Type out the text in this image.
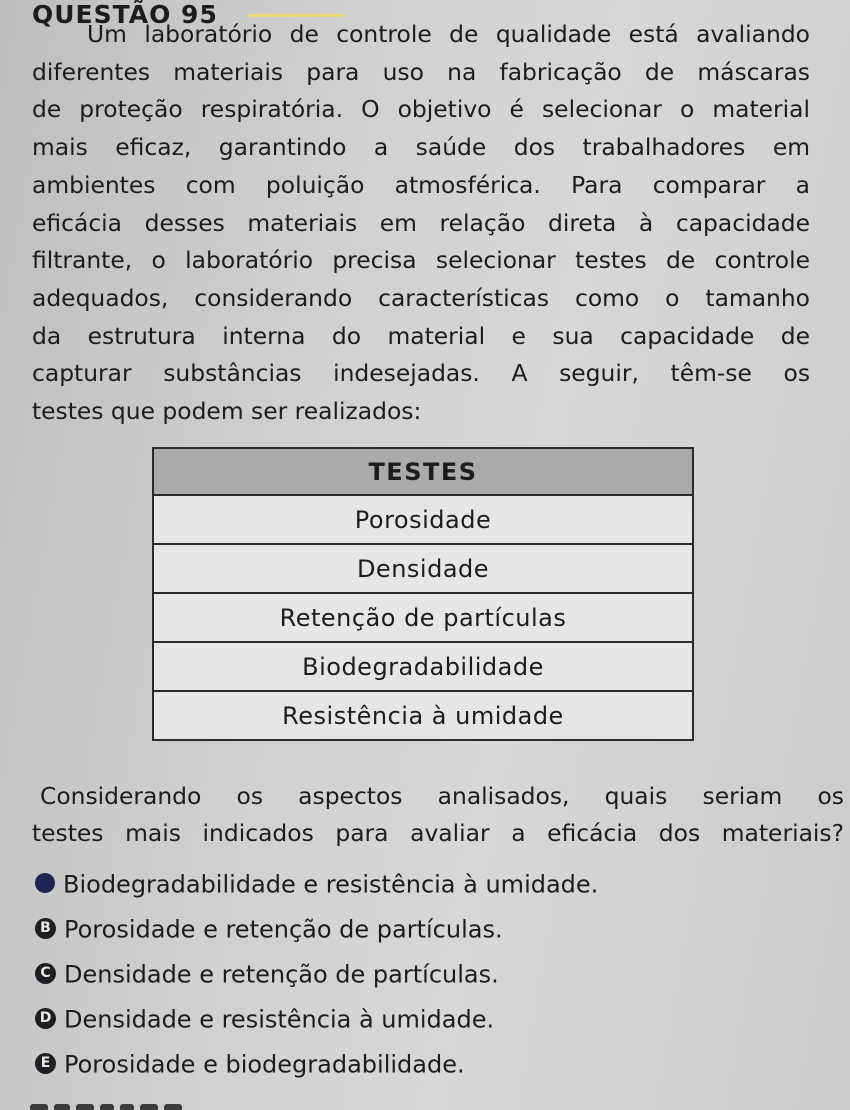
QUESTÃO 95
Um laboratório de controle de qualidade está avaliando
diferentes materiais para uso na fabricação de máscaras
de proteção respiratória. O objetivo é selecionar o material
mais eficaz, garantindo a saúde dos trabalhadores em
ambientes com poluição atmosférica. Para comparar a
eficácia desses materiais em relação direta à capacidade
filtrante, o laboratório precisa selecionar testes de controle
adequados, considerando características como o tamanho
da estrutura interna do material e sua capacidade de
capturar substâncias indesejadas. A seguir, têm-se os
testes que podem ser realizados:
TESTES
Porosidade
Densidade
Retenção de partículas
Biodegradabilidade
Resistência à umidade
Considerando os aspectos analisados, quais seriam os
testes mais indicados para avaliar a eficácia dos materiais?
A Biodegradabilidade e resistência à umidade.
B Porosidade e retenção de partículas.
C Densidade e retenção de partículas.
D Densidade e resistência à umidade.
E Porosidade e biodegradabilidade.
